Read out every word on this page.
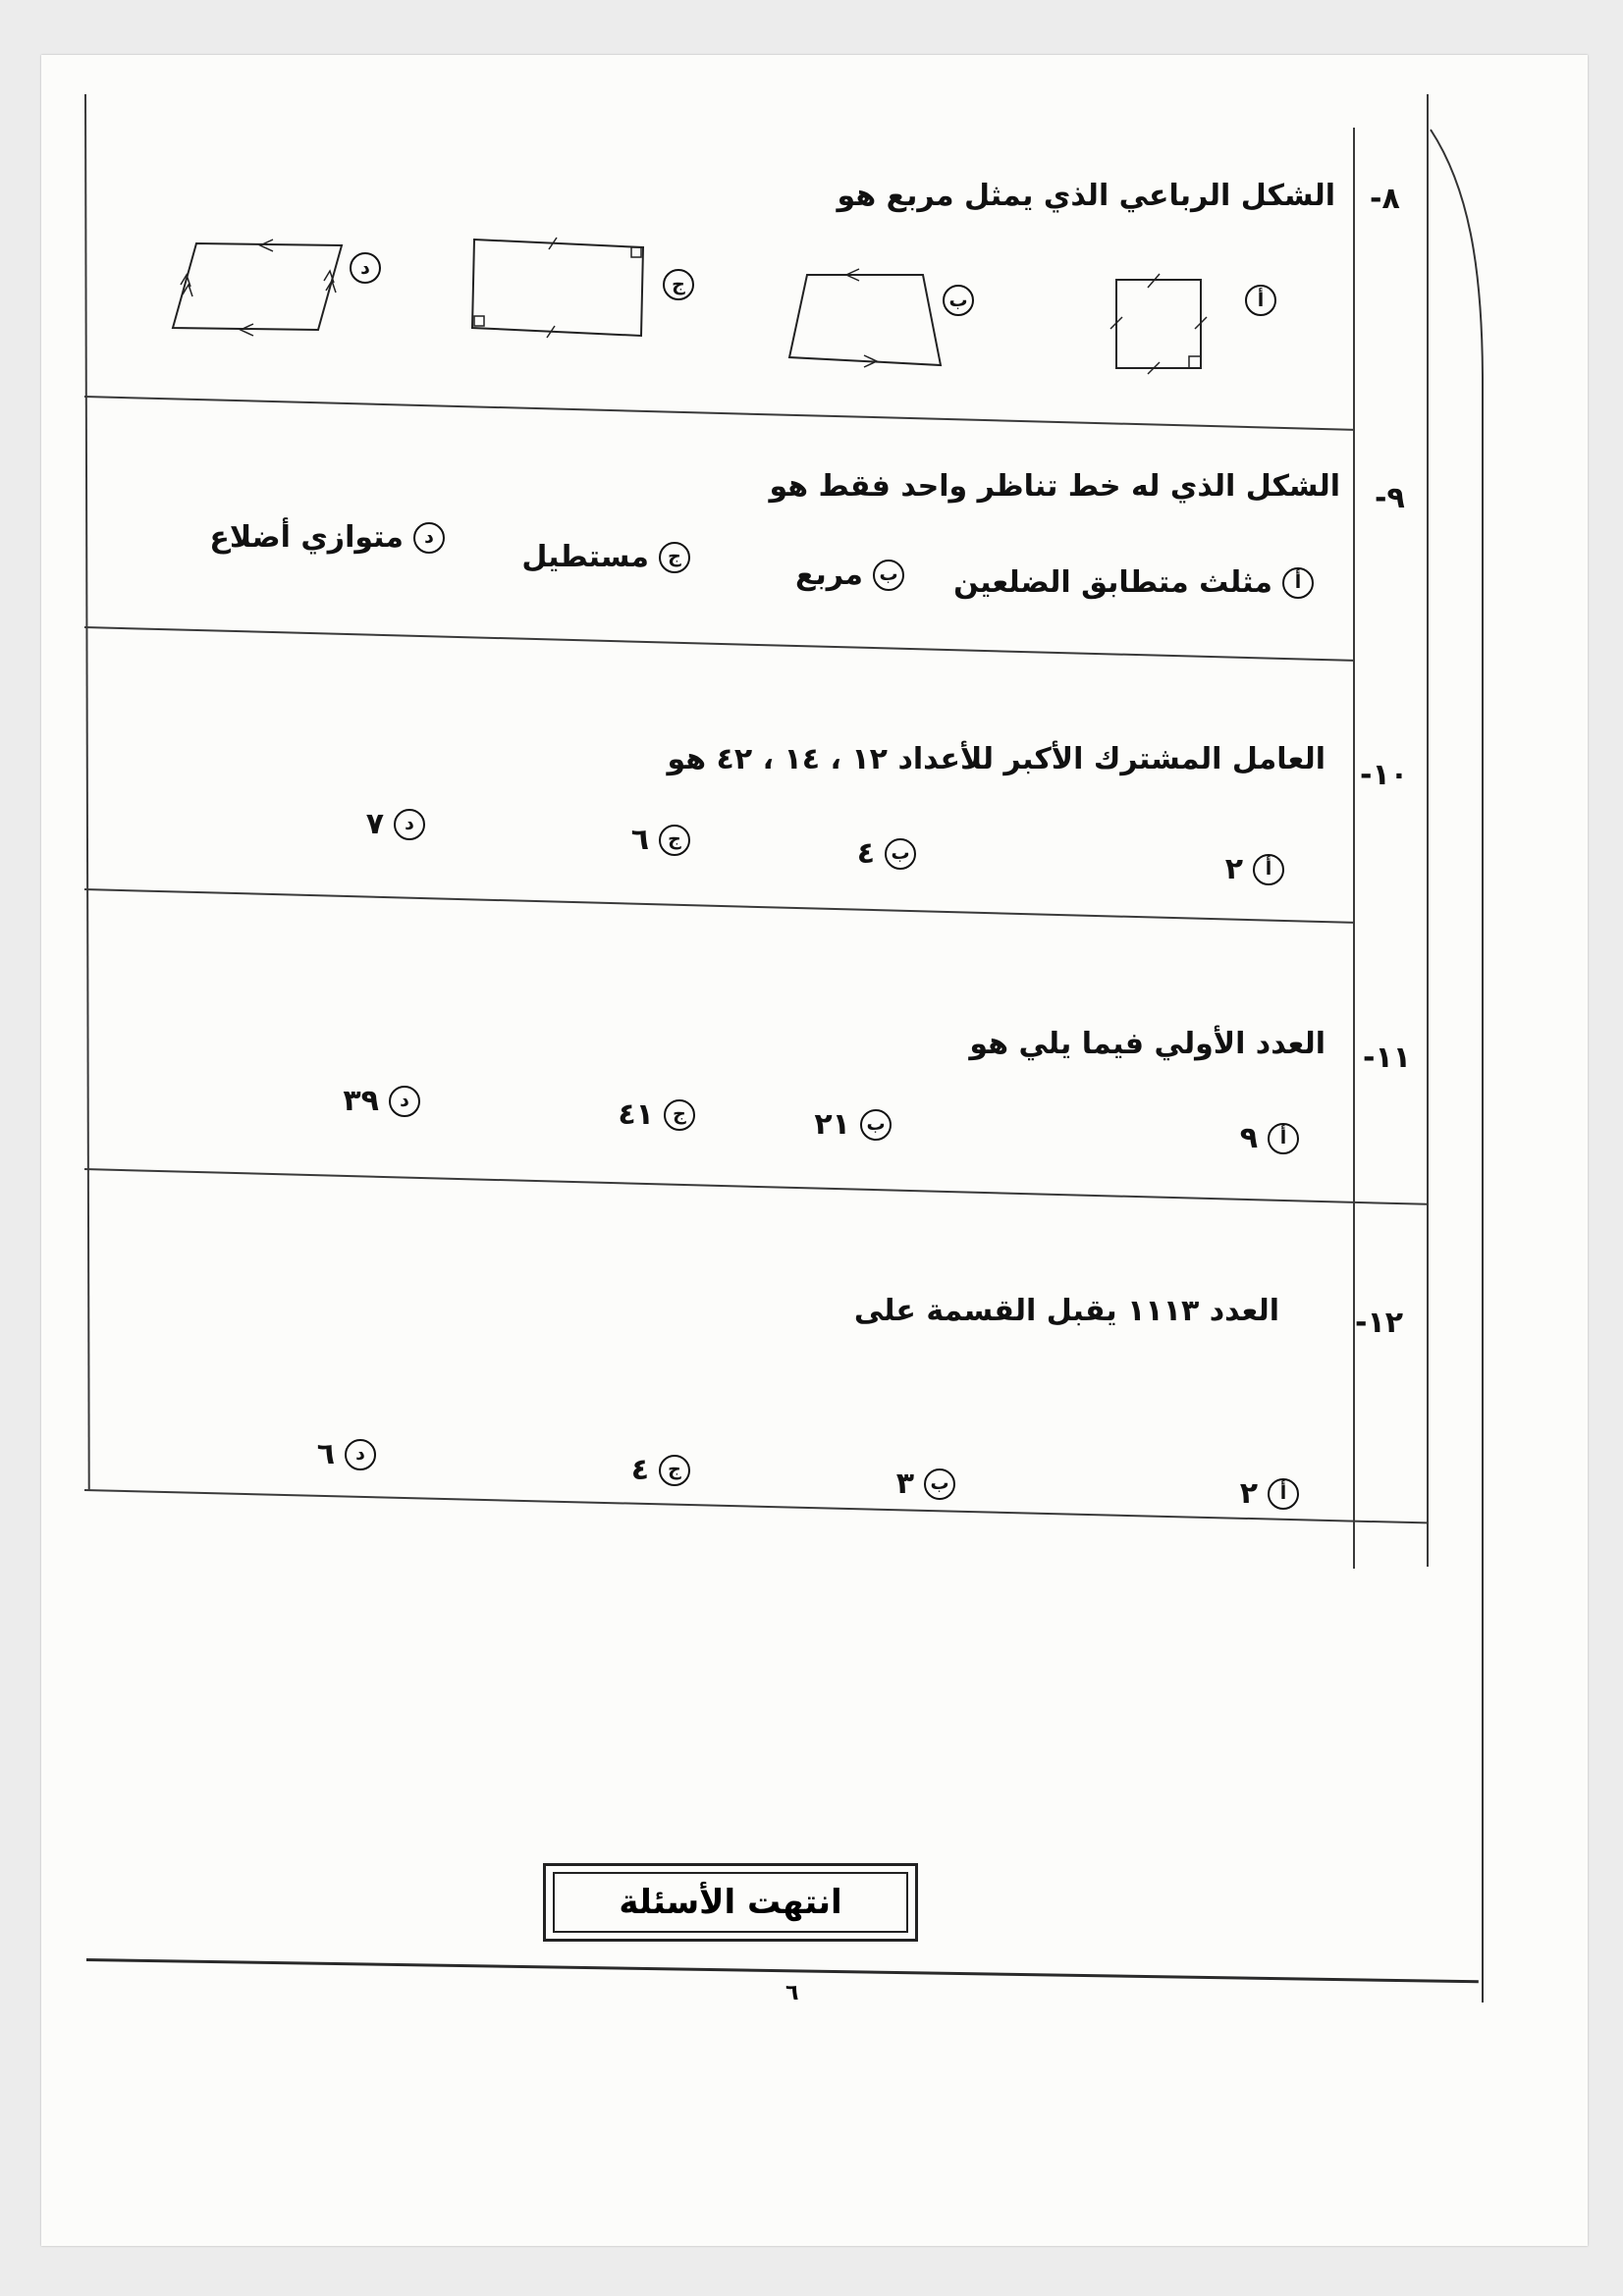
٨-
الشكل الرباعي الذي يمثل مربع هو
أ
ب
ج
د
٩-
الشكل الذي له خط تناظر واحد فقط هو
أ
مثلث متطابق الضلعين
ب
مربع
ج
مستطيل
د
متوازي أضلاع
١٠-
العامل المشترك الأكبر للأعداد ١٢ ، ١٤ ، ٤٢ هو
أ
٢
ب
٤
ج
٦
د
٧
١١-
العدد الأولي فيما يلي هو
أ
٩
ب
٢١
ج
٤١
د
٣٩
١٢-
العدد ١١١٣ يقبل القسمة على
أ
٢
ب
٣
ج
٤
د
٦
انتهت الأسئلة
٦
